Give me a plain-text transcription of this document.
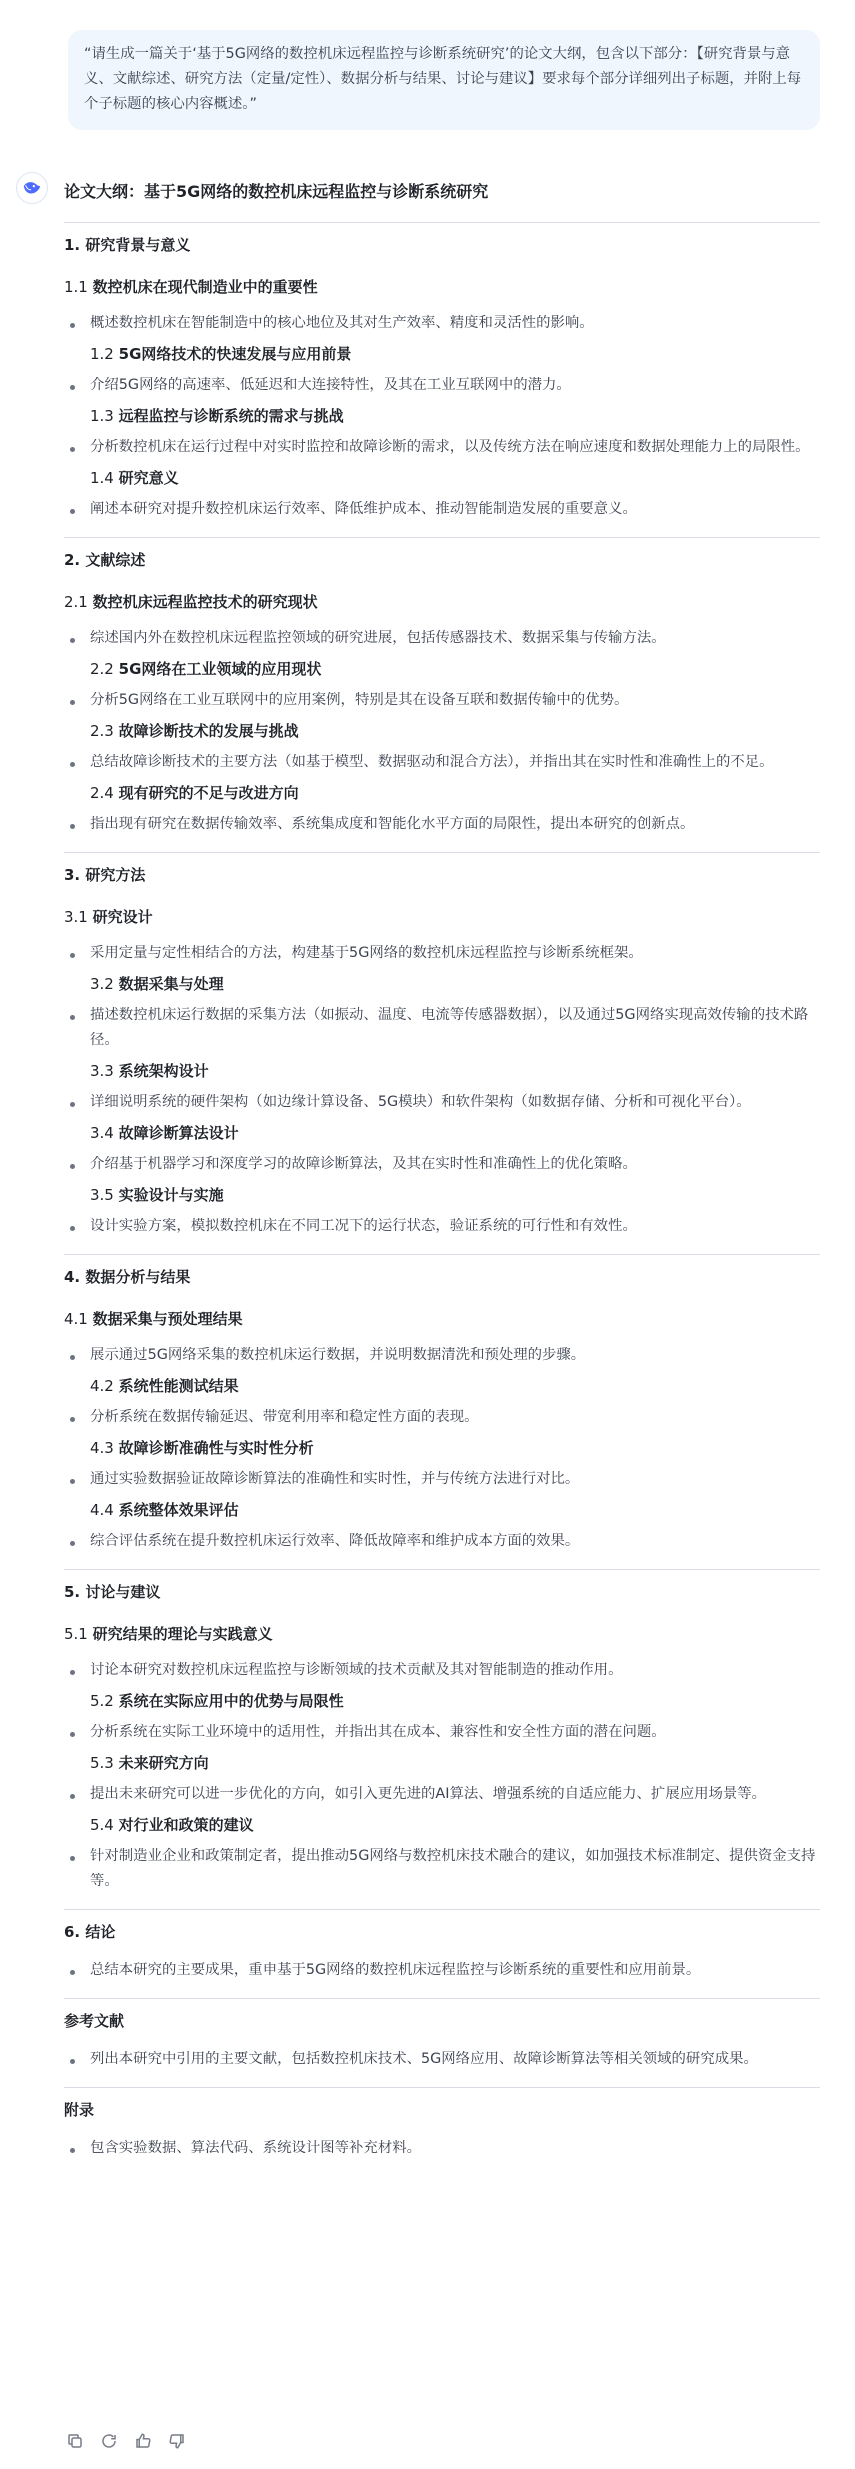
“请生成一篇关于‘基于5G网络的数控机床远程监控与诊断系统研究’的论文大纲，包含以下部分：【研究背景与意义、文献综述、研究方法（定量/定性）、数据分析与结果、讨论与建议】要求每个部分详细列出子标题，并附上每个子标题的核心内容概述。”
论文大纲：基于5G网络的数控机床远程监控与诊断系统研究
1. 研究背景与意义
1.1 数控机床在现代制造业中的重要性
概述数控机床在智能制造中的核心地位及其对生产效率、精度和灵活性的影响。
1.2 5G网络技术的快速发展与应用前景
介绍5G网络的高速率、低延迟和大连接特性，及其在工业互联网中的潜力。
1.3 远程监控与诊断系统的需求与挑战
分析数控机床在运行过程中对实时监控和故障诊断的需求，以及传统方法在响应速度和数据处理能力上的局限性。
1.4 研究意义
阐述本研究对提升数控机床运行效率、降低维护成本、推动智能制造发展的重要意义。
2. 文献综述
2.1 数控机床远程监控技术的研究现状
综述国内外在数控机床远程监控领域的研究进展，包括传感器技术、数据采集与传输方法。
2.2 5G网络在工业领域的应用现状
分析5G网络在工业互联网中的应用案例，特别是其在设备互联和数据传输中的优势。
2.3 故障诊断技术的发展与挑战
总结故障诊断技术的主要方法（如基于模型、数据驱动和混合方法），并指出其在实时性和准确性上的不足。
2.4 现有研究的不足与改进方向
指出现有研究在数据传输效率、系统集成度和智能化水平方面的局限性，提出本研究的创新点。
3. 研究方法
3.1 研究设计
采用定量与定性相结合的方法，构建基于5G网络的数控机床远程监控与诊断系统框架。
3.2 数据采集与处理
描述数控机床运行数据的采集方法（如振动、温度、电流等传感器数据），以及通过5G网络实现高效传输的技术路径。
3.3 系统架构设计
详细说明系统的硬件架构（如边缘计算设备、5G模块）和软件架构（如数据存储、分析和可视化平台）。
3.4 故障诊断算法设计
介绍基于机器学习和深度学习的故障诊断算法，及其在实时性和准确性上的优化策略。
3.5 实验设计与实施
设计实验方案，模拟数控机床在不同工况下的运行状态，验证系统的可行性和有效性。
4. 数据分析与结果
4.1 数据采集与预处理结果
展示通过5G网络采集的数控机床运行数据，并说明数据清洗和预处理的步骤。
4.2 系统性能测试结果
分析系统在数据传输延迟、带宽利用率和稳定性方面的表现。
4.3 故障诊断准确性与实时性分析
通过实验数据验证故障诊断算法的准确性和实时性，并与传统方法进行对比。
4.4 系统整体效果评估
综合评估系统在提升数控机床运行效率、降低故障率和维护成本方面的效果。
5. 讨论与建议
5.1 研究结果的理论与实践意义
讨论本研究对数控机床远程监控与诊断领域的技术贡献及其对智能制造的推动作用。
5.2 系统在实际应用中的优势与局限性
分析系统在实际工业环境中的适用性，并指出其在成本、兼容性和安全性方面的潜在问题。
5.3 未来研究方向
提出未来研究可以进一步优化的方向，如引入更先进的AI算法、增强系统的自适应能力、扩展应用场景等。
5.4 对行业和政策的建议
针对制造业企业和政策制定者，提出推动5G网络与数控机床技术融合的建议，如加强技术标准制定、提供资金支持等。
6. 结论
总结本研究的主要成果，重申基于5G网络的数控机床远程监控与诊断系统的重要性和应用前景。
参考文献
列出本研究中引用的主要文献，包括数控机床技术、5G网络应用、故障诊断算法等相关领域的研究成果。
附录
包含实验数据、算法代码、系统设计图等补充材料。
